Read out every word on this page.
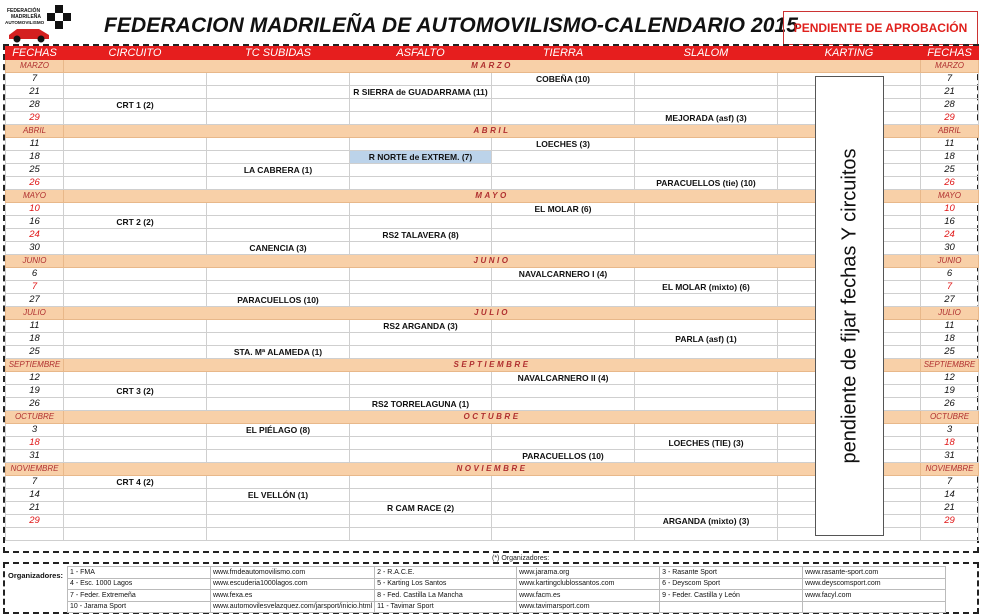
FEDERACIÓN
MADRILEÑA
AUTOMOVILISMO	FEDERACION MADRILEÑA DE AUTOMOVILISMO-CALENDARIO 2015
PENDIENTE DE APROBACIÓN
FECHAS	CIRCUITO	TC SUBIDAS	ASFALTO	TIERRA	SLALOM	KARTING	FECHAS
MARZO	MARZO						MARZO
7				COBEÑA (10)			7
21			R SIERRA de GUADARRAMA (11)				21
28	CRT 1 (2)						28
29					MEJORADA (asf) (3)		29
ABRIL	ABRIL						ABRIL
11				LOECHES (3)			11
18			R NORTE de EXTREM. (7)				18
25		LA CABRERA (1)					25
26					PARACUELLOS (tie) (10)		26
MAYO	MAYO						MAYO
10				EL MOLAR (6)			10
16	CRT 2 (2)						16
24			RS2 TALAVERA (8)				24
30		CANENCIA (3)					30
JUNIO	JUNIO						JUNIO
6				NAVALCARNERO I (4)			6
7					EL MOLAR (mixto) (6)		7
27		PARACUELLOS (10)					27
JULIO	JULIO						JULIO
11			RS2 ARGANDA (3)				11
18					PARLA (asf) (1)		18
25		STA. Mª ALAMEDA (1)					25
SEPTIEMBRE	SEPTIEMBRE						SEPTIEMBRE
12				NAVALCARNERO II (4)			12
19	CRT 3 (2)						19
26			RS2 TORRELAGUNA (1)				26
OCTUBRE	OCTUBRE						OCTUBRE
3		EL PIÉLAGO (8)					3
18					LOECHES (TIE) (3)		18
31				PARACUELLOS (10)			31
NOVIEMBRE	NOVIEMBRE						NOVIEMBRE
7	CRT 4 (2)						7
14		EL VELLÓN (1)					14
21			R CAM RACE (2)				21
29					ARGANDA (mixto) (3)		29

pendiente de fijar fechas Y circuitos
(*) Organizadores:
Organizadores: 1 - FMA	www.fmdeautomovilismo.com	2 - R.A.C.E.	www.jarama.org	3 - Rasante Sport	www.rasante-sport.com
4 - Esc. 1000 Lagos	www.escuderia1000lagos.com	5 - Karting Los Santos	www.kartingclublossantos.com	6 - Deyscom Sport	www.deyscomsport.com
7 - Feder. Extremeña	www.fexa.es	8 - Fed. Castilla La Mancha	www.facm.es	9 - Feder. Castilla y León	www.facyl.com
10 - Jarama Sport	www.automovilesvelazquez.com/jarsport/inicio.html	11 - Tavimar Sport	www.tavimarsport.com		
